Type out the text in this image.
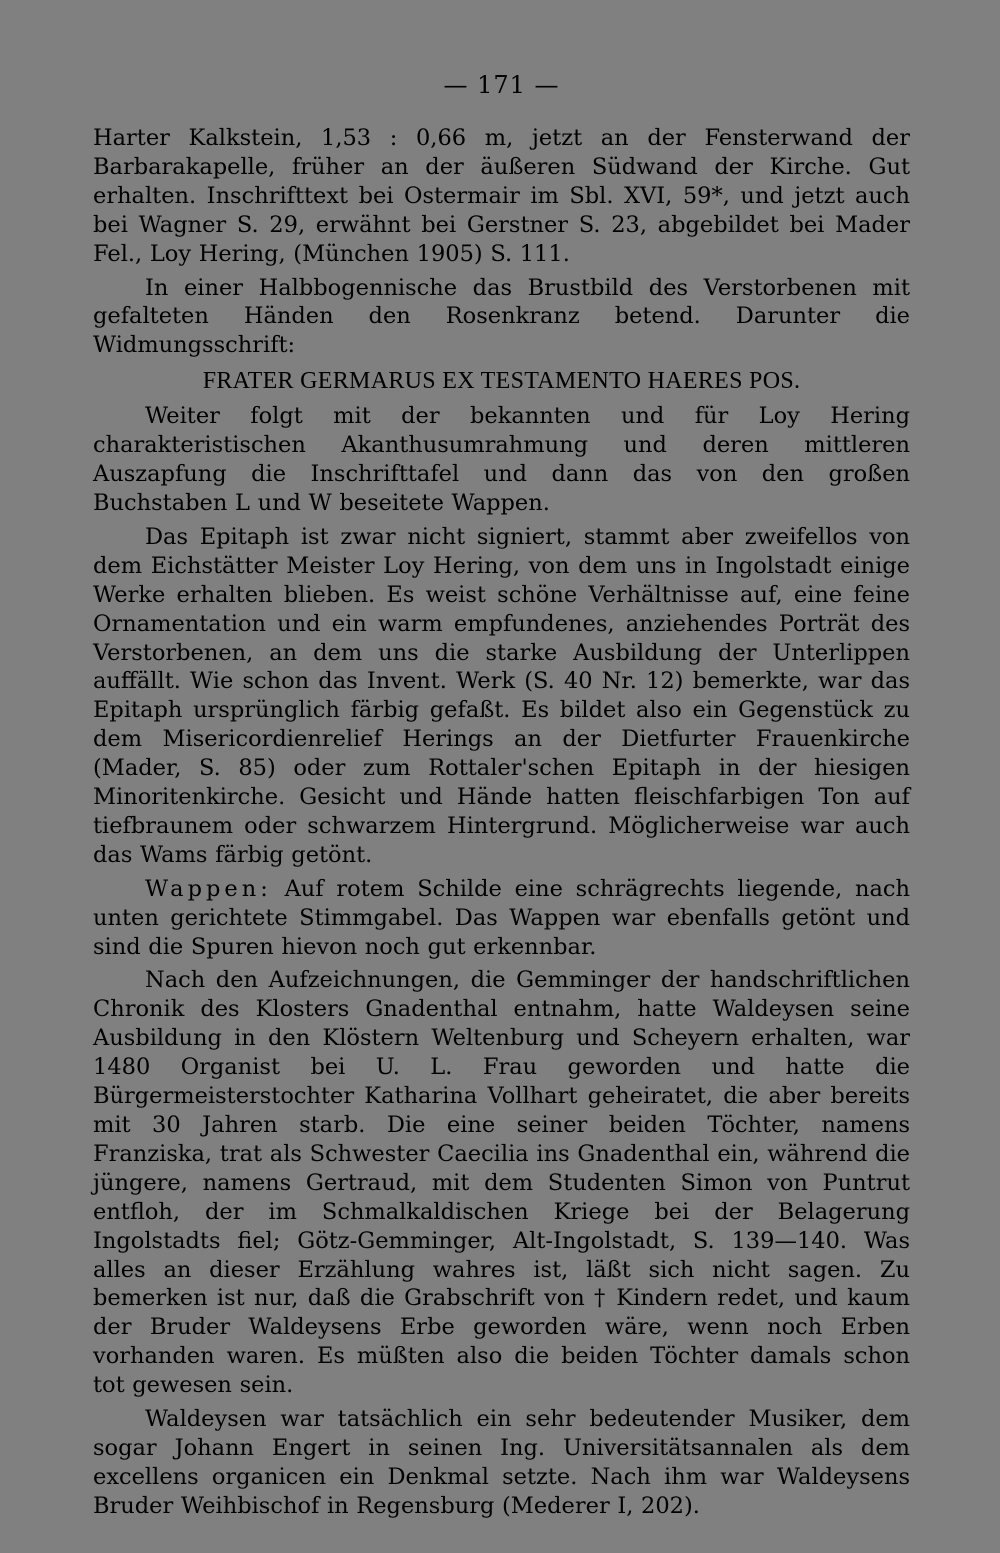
— 171 —

Harter Kalkstein, 1,53 : 0,66 m, jetzt an der Fensterwand der Barbarakapelle, früher an der äußeren Südwand der Kirche. Gut erhalten. Inschrifttext bei Ostermair im Sbl. XVI, 59*, und jetzt auch bei Wagner S. 29, erwähnt bei Gerstner S. 23, abgebildet bei Mader Fel., Loy Hering, (München 1905) S. 111.

In einer Halbbogennische das Brustbild des Verstorbenen mit gefalteten Händen den Rosenkranz betend. Darunter die Widmungsschrift:

FRATER GERMARUS EX TESTAMENTO HAERES POS.

Weiter folgt mit der bekannten und für Loy Hering charakteristischen Akanthusumrahmung und deren mittleren Auszapfung die Inschrifttafel und dann das von den großen Buchstaben L und W beseitete Wappen.

Das Epitaph ist zwar nicht signiert, stammt aber zweifellos von dem Eichstätter Meister Loy Hering, von dem uns in Ingolstadt einige Werke erhalten blieben. Es weist schöne Verhältnisse auf, eine feine Ornamentation und ein warm empfundenes, anziehendes Porträt des Verstorbenen, an dem uns die starke Ausbildung der Unterlippen auffällt. Wie schon das Invent. Werk (S. 40 Nr. 12) bemerkte, war das Epitaph ursprünglich färbig gefaßt. Es bildet also ein Gegenstück zu dem Misericordienrelief Herings an der Dietfurter Frauenkirche (Mader, S. 85) oder zum Rottaler'schen Epitaph in der hiesigen Minoritenkirche. Gesicht und Hände hatten fleischfarbigen Ton auf tiefbraunem oder schwarzem Hintergrund. Möglicherweise war auch das Wams färbig getönt.

Wappen: Auf rotem Schilde eine schrägrechts liegende, nach unten gerichtete Stimmgabel. Das Wappen war ebenfalls getönt und sind die Spuren hievon noch gut erkennbar.

Nach den Aufzeichnungen, die Gemminger der handschriftlichen Chronik des Klosters Gnadenthal entnahm, hatte Waldeysen seine Ausbildung in den Klöstern Weltenburg und Scheyern erhalten, war 1480 Organist bei U. L. Frau geworden und hatte die Bürgermeisterstochter Katharina Vollhart geheiratet, die aber bereits mit 30 Jahren starb. Die eine seiner beiden Töchter, namens Franziska, trat als Schwester Caecilia ins Gnadenthal ein, während die jüngere, namens Gertraud, mit dem Studenten Simon von Puntrut entfloh, der im Schmalkaldischen Kriege bei der Belagerung Ingolstadts fiel; Götz-Gemminger, Alt-Ingolstadt, S. 139—140. Was alles an dieser Erzählung wahres ist, läßt sich nicht sagen. Zu bemerken ist nur, daß die Grabschrift von † Kindern redet, und kaum der Bruder Waldeysens Erbe geworden wäre, wenn noch Erben vorhanden waren. Es müßten also die beiden Töchter damals schon tot gewesen sein.

Waldeysen war tatsächlich ein sehr bedeutender Musiker, dem sogar Johann Engert in seinen Ing. Universitätsannalen als dem excellens organicen ein Denkmal setzte. Nach ihm war Waldeysens Bruder Weihbischof in Regensburg (Mederer I, 202).
